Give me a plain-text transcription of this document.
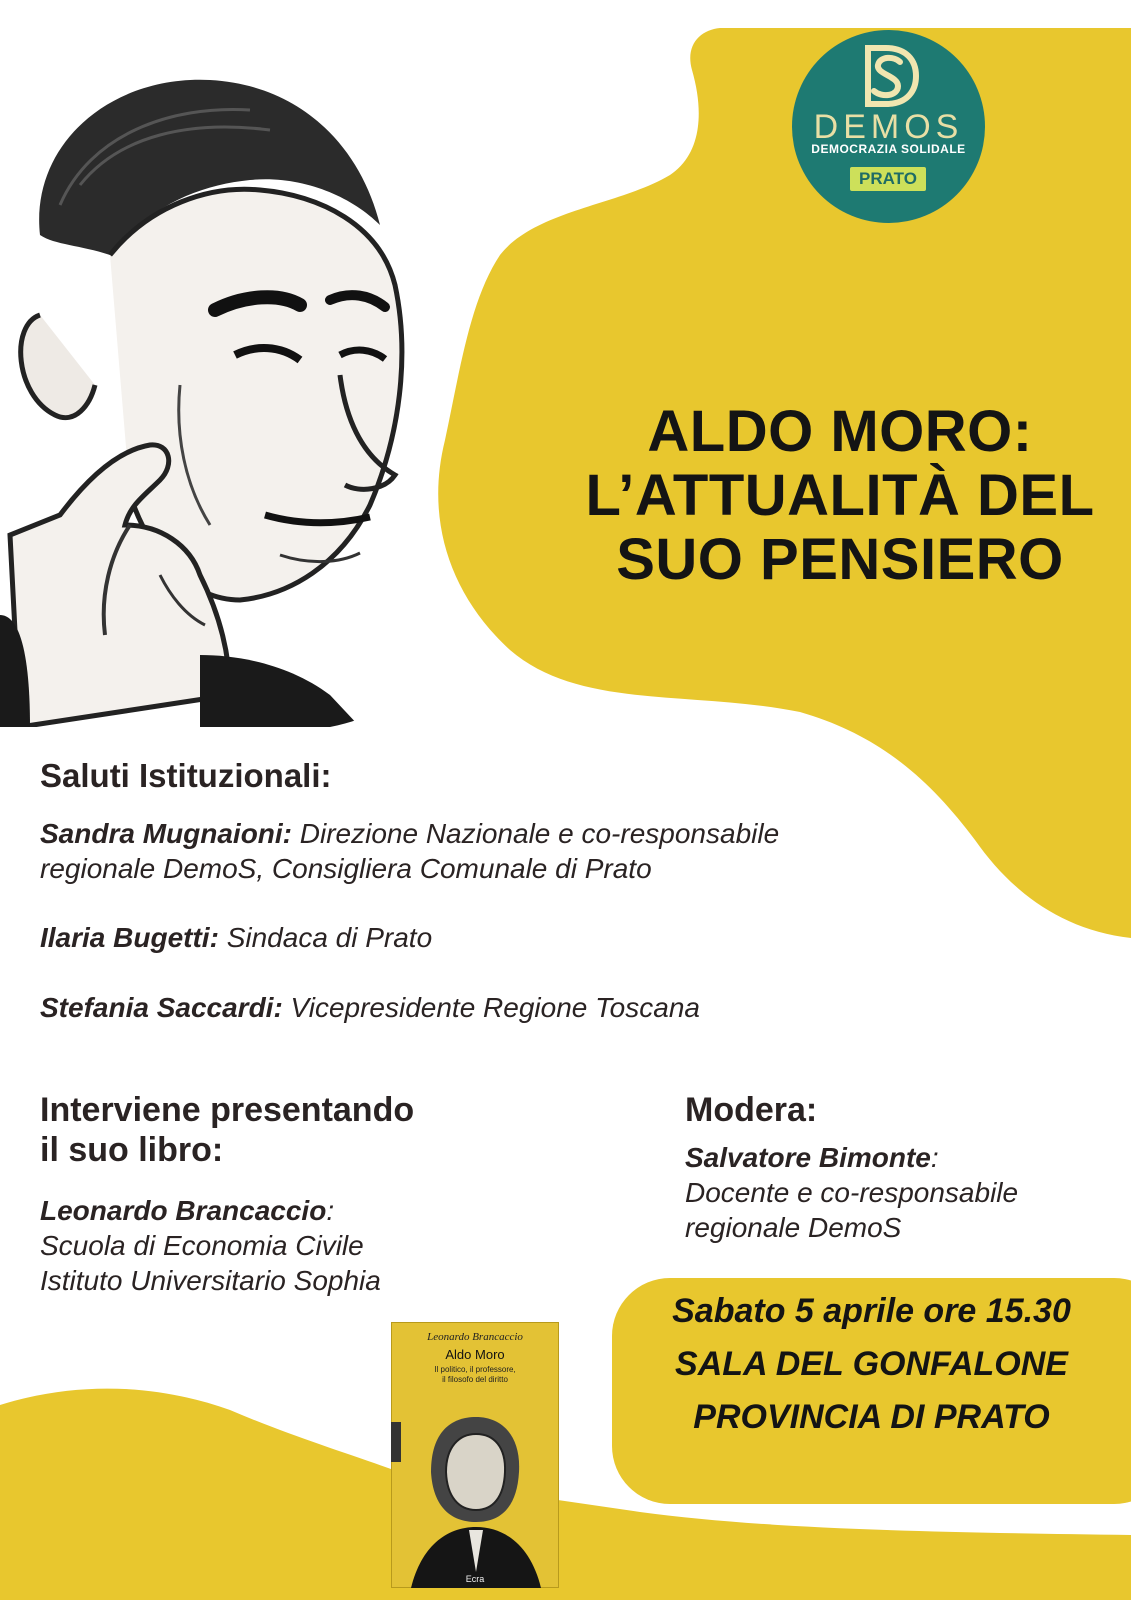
DEMOS
DEMOCRAZIA SOLIDALE
PRATO
ALDO MORO:
L’ATTUALITÀ DEL
SUO PENSIERO
Saluti Istituzionali:
Sandra Mugnaioni: Direzione Nazionale e co-responsabile
regionale DemoS, Consigliera Comunale di Prato
Ilaria Bugetti: Sindaca di Prato
Stefania Saccardi: Vicepresidente Regione Toscana
Interviene presentando
il suo libro:
Leonardo Brancaccio:
Scuola di Economia Civile
Istituto Universitario Sophia
Modera:
Salvatore Bimonte:
Docente e co-responsabile
regionale DemoS
Leonardo Brancaccio
Aldo Moro
Il politico, il professore,
il filosofo del diritto
Ecra
Sabato 5 aprile ore 15.30
SALA DEL GONFALONE
PROVINCIA DI PRATO
